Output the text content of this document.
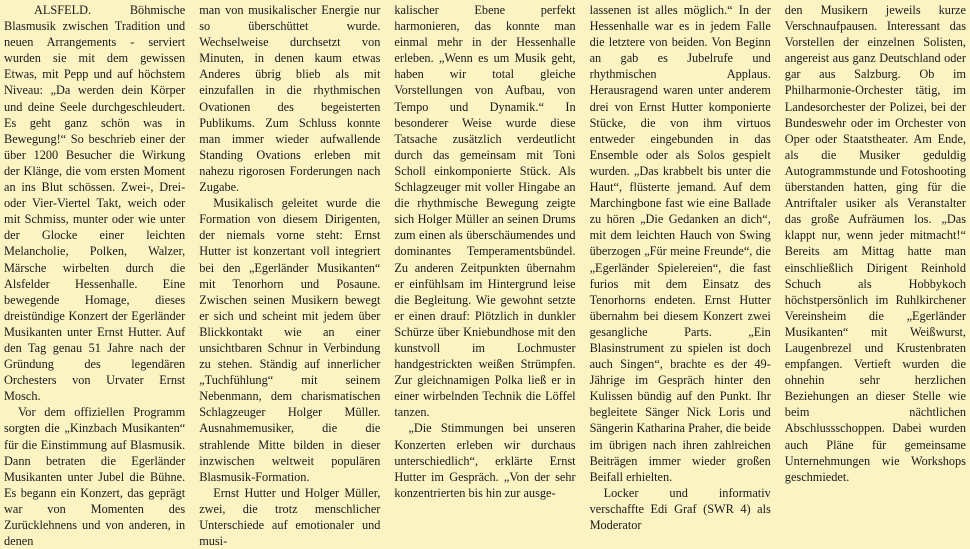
ALSFELD. Böhmische Blasmusik zwischen Tradition und neuen Arrangements - serviert wurden sie mit dem gewissen Etwas, mit Pepp und auf höchstem Niveau: „Da werden dein Körper und deine Seele durchgeschleudert. Es geht ganz schön was in Bewegung!“ So beschrieb einer der über 1200 Besucher die Wirkung der Klänge, die vom ersten Moment an ins Blut schössen. Zwei-, Drei- oder Vier-Viertel Takt, weich oder mit Schmiss, munter oder wie unter der Glocke einer leichten Melancholie, Polken, Walzer, Märsche wirbelten durch die Alsfelder Hessenhalle. Eine bewegende Homage, dieses dreistündige Konzert der Egerländer Musikanten unter Ernst Hutter. Auf den Tag genau 51 Jahre nach der Gründung des legendären Orchesters von Urvater Ernst Mosch.

Vor dem offiziellen Programm sorgten die „Kinzbach Musikanten“ für die Einstimmung auf Blasmusik. Dann betraten die Egerländer Musikanten unter Jubel die Bühne. Es begann ein Konzert, das geprägt war von Momenten des Zurücklehnens und von anderen, in denen

man von musikalischer Energie nur so überschüttet wurde. Wechselweise durchsetzt von Minuten, in denen kaum etwas Anderes übrig blieb als mit einzufallen in die rhythmischen Ovationen des begeisterten Publikums. Zum Schluss konnte man immer wieder aufwallende Standing Ovations erleben mit nahezu rigorosen Forderungen nach Zugabe.

Musikalisch geleitet wurde die Formation von diesem Dirigenten, der niemals vorne steht: Ernst Hutter ist konzertant voll integriert bei den „Egerländer Musikanten“ mit Tenorhorn und Posaune. Zwischen seinen Musikern bewegt er sich und scheint mit jedem über Blickkontakt wie an einer unsichtbaren Schnur in Verbindung zu stehen. Ständig auf innerlicher „Tuchfühlung“ mit seinem Nebenmann, dem charismatischen Schlagzeuger Holger Müller. Ausnahmemusiker, die die strahlende Mitte bilden in dieser inzwischen weltweit populären Blasmusik-Formation.

Ernst Hutter und Holger Müller, zwei, die trotz menschlicher Unterschiede auf emotionaler und musi-

kalischer Ebene perfekt harmonieren, das konnte man einmal mehr in der Hessenhalle erleben. „Wenn es um Musik geht, haben wir total gleiche Vorstellungen von Aufbau, von Tempo und Dynamik.“ In besonderer Weise wurde diese Tatsache zusätzlich verdeutlicht durch das gemeinsam mit Toni Scholl einkomponierte Stück. Als Schlagzeuger mit voller Hingabe an die rhythmische Bewegung zeigte sich Holger Müller an seinen Drums zum einen als überschäumendes und dominantes Temperamentsbündel. Zu anderen Zeitpunkten übernahm er einfühlsam im Hintergrund leise die Begleitung. Wie gewohnt setzte er einen drauf: Plötzlich in dunkler Schürze über Kniebundhose mit den kunstvoll im Lochmuster handgestrickten weißen Strümpfen. Zur gleichnamigen Polka ließ er in einer wirbelnden Technik die Löffel tanzen.

„Die Stimmungen bei unseren Konzerten erleben wir durchaus unterschiedlich“, erklärte Ernst Hutter im Gespräch. „Von der sehr konzentrierten bis hin zur ausge-

lassenen ist alles möglich.“ In der Hessenhalle war es in jedem Falle die letztere von beiden. Von Beginn an gab es Jubelrufe und rhythmischen Applaus. Herausragend waren unter anderem drei von Ernst Hutter komponierte Stücke, die von ihm virtuos entweder eingebunden in das Ensemble oder als Solos gespielt wurden. „Das krabbelt bis unter die Haut“, flüsterte jemand. Auf dem Marchingbone fast wie eine Ballade zu hören „Die Gedanken an dich“, mit dem leichten Hauch von Swing überzogen „Für meine Freunde“, die „Egerländer Spielereien“, die fast furios mit dem Einsatz des Tenorhorns endeten. Ernst Hutter übernahm bei diesem Konzert zwei gesangliche Parts. „Ein Blasinstrument zu spielen ist doch auch Singen“, brachte es der 49-Jährige im Gespräch hinter den Kulissen bündig auf den Punkt. Ihr begleitete Sänger Nick Loris und Sängerin Katharina Praher, die beide im übrigen nach ihren zahlreichen Beiträgen immer wieder großen Beifall erhielten.

Locker und informativ verschaffte Edi Graf (SWR 4) als Moderator

den Musikern jeweils kurze Verschnaufpausen. Interessant das Vorstellen der einzelnen Solisten, angereist aus ganz Deutschland oder gar aus Salzburg. Ob im Philharmonie-Orchester tätig, im Landesorchester der Polizei, bei der Bundeswehr oder im Orchester von Oper oder Staatstheater. Am Ende, als die Musiker geduldig Autogrammstunde und Fotoshooting überstanden hatten, ging für die Antriftaler usiker als Veranstalter das große Aufräumen los. „Das klappt nur, wenn jeder mitmacht!“ Bereits am Mittag hatte man einschließlich Dirigent Reinhold Schuch als Hobbykoch höchstpersönlich im Ruhlkirchener Vereinsheim die „Egerländer Musikanten“ mit Weißwurst, Laugenbrezel und Krustenbraten empfangen. Vertieft wurden die ohnehin sehr herzlichen Beziehungen an dieser Stelle wie beim nächtlichen Abschlussschoppen. Dabei wurden auch Pläne für gemeinsame Unternehmungen wie Workshops geschmiedet.
